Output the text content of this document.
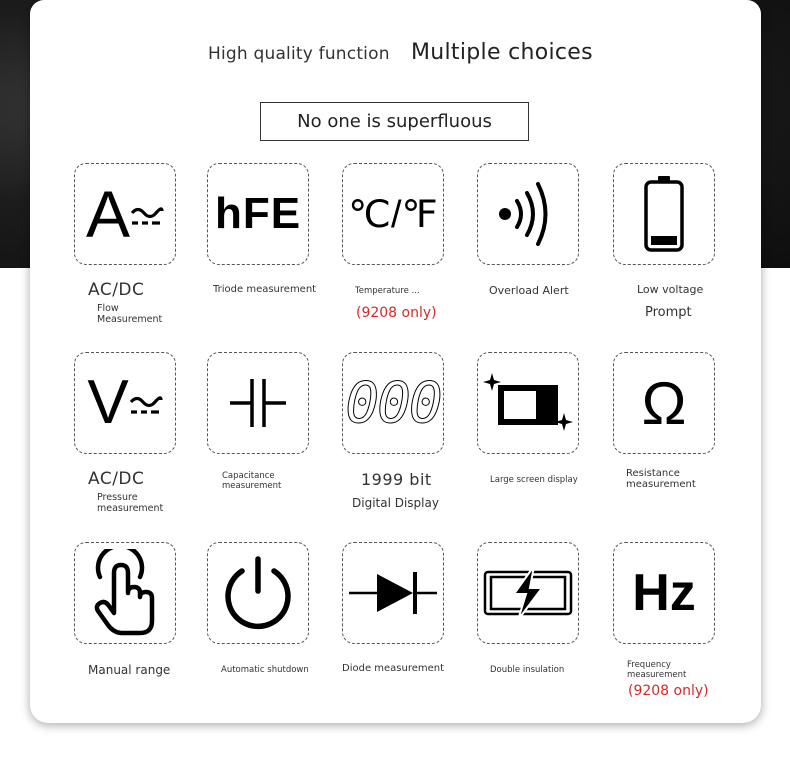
High quality function Multiple choices
No one is superfluous
A
AC/DC
Flow Measurement
hFE
Triode measurement
℃/℉
Temperature ...
(9208 only)
Overload Alert	Low voltage
Prompt
V
AC/DC
Pressure measurement
Capacitance measurement
000
1999 bit
Digital Display
Large screen display
Ω
Resistance measurement
Manual range	Automatic shutdown	Diode measurement	Double insulation
Hz
Frequency measurement
(9208 only)
